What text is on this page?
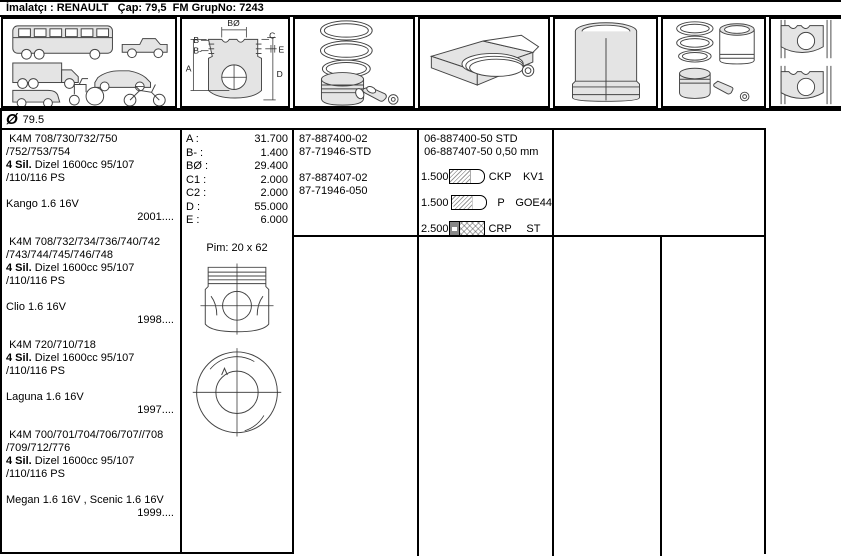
İmalatçı : RENAULT   Çap: 79,5  FM GrupNo: 7243
BØ
B
B-
C
E
A
D
Ø 79.5
K4M 708/730/732/750
/752/753/754
4 Sil. Dizel 1600cc 95/107
/110/116 PS
Kango 1.6 16V
2001....
K4M 708/732/734/736/740/742
/743/744/745/746/748
4 Sil. Dizel 1600cc 95/107
/110/116 PS
Clio 1.6 16V
1998....
K4M 720/710/718
4 Sil. Dizel 1600cc 95/107
/110/116 PS
Laguna 1.6 16V
1997....
K4M 700/701/704/706/707//708
/709/712/776
4 Sil. Dizel 1600cc 95/107
/110/116 PS
Megan 1.6 16V , Scenic 1.6 16V
1999....
A :	31.700
B- :	1.400
BØ :	29.400
C1 :	2.000
C2 :	2.000
D :	55.000
E :	6.000
Pim: 20 x 62
87-887400-02
87-71946-STD
87-887407-02
87-71946-050
06-887400-50 STD
06-887407-50 0,50 mm
1.500	CKP	KV1
1.500	P GOE44
2.500	CRP	ST
